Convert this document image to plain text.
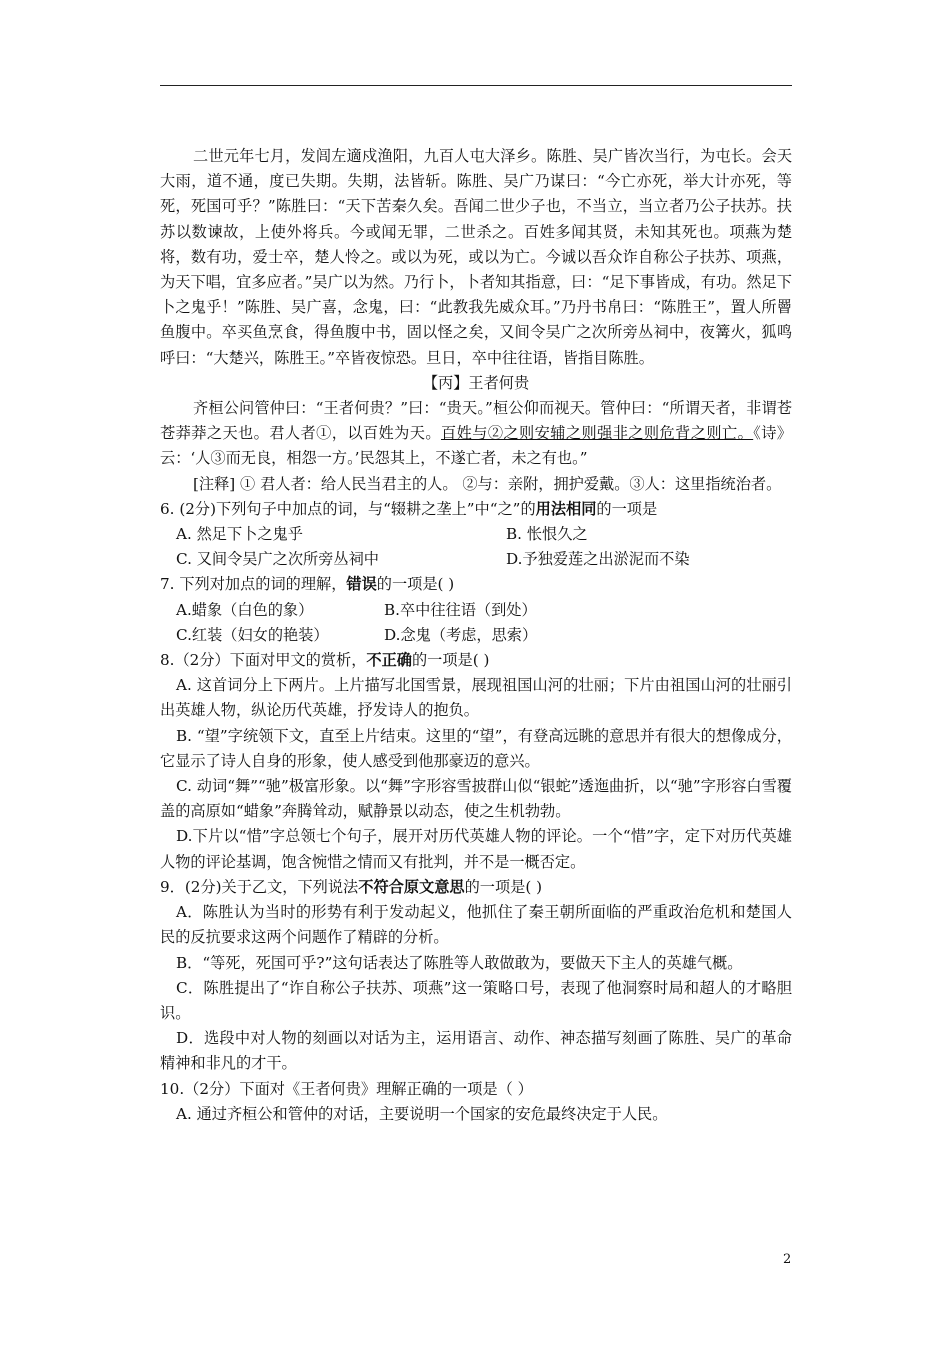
二世元年七月，发闾左適戍渔阳，九百人屯大泽乡。陈胜、吴广皆次当行，为屯长。会天大雨，道不通，度已失期。失期，法皆斩。陈胜、吴广乃谋曰：“今亡亦死，举大计亦死，等死，死国可乎？”陈胜曰：“天下苦秦久矣。吾闻二世少子也，不当立，当立者乃公子扶苏。扶苏以数谏故，上使外将兵。今或闻无罪，二世杀之。百姓多闻其贤，未知其死也。项燕为楚将，数有功，爱士卒，楚人怜之。或以为死，或以为亡。今诚以吾众诈自称公子扶苏、项燕，为天下唱，宜多应者。”吴广以为然。乃行卜，卜者知其指意，曰：“足下事皆成，有功。然足下卜之鬼乎！”陈胜、吴广喜，念鬼，曰：“此教我先威众耳。”乃丹书帛曰：“陈胜王”，置人所罾鱼腹中。卒买鱼烹食，得鱼腹中书，固以怪之矣，又间令吴广之次所旁丛祠中，夜篝火，狐鸣呼曰：“大楚兴，陈胜王。”卒皆夜惊恐。旦日，卒中往往语，皆指目陈胜。

【丙】王者何贵

齐桓公问管仲曰：“王者何贵？”曰：“贵天。”桓公仰而视天。管仲曰：“所谓天者，非谓苍苍莽莽之天也。君人者①，以百姓为天。百姓与②之则安辅之则强非之则危背之则亡。《诗》云：‘人③而无良，相怨一方。’民怨其上，不遂亡者，未之有也。”

[注释] ① 君人者：给人民当君主的人。 ②与：亲附，拥护爱戴。③人：这里指统治者。

6. (2分)下列句子中加点的词，与“辍耕之垄上”中“之”的用法相同的一项是

A. 然足下卜之鬼乎	B. 怅恨久之
C. 又间令吴广之次所旁丛祠中	D.予独爱莲之出淤泥而不染

7. 下列对加点的词的理解，错误的一项是( )

A.蜡象（白色的象）	B.卒中往往语（到处）
C.红装（妇女的艳装）	D.念鬼（考虑，思索）

8.（2分）下面对甲文的赏析，不正确的一项是( )

A. 这首词分上下两片。上片描写北国雪景，展现祖国山河的壮丽；下片由祖国山河的壮丽引出英雄人物，纵论历代英雄，抒发诗人的抱负。

B. “望”字统领下文，直至上片结束。这里的“望”，有登高远眺的意思并有很大的想像成分，它显示了诗人自身的形象，使人感受到他那豪迈的意兴。

C. 动词“舞”“驰”极富形象。以“舞”字形容雪披群山似“银蛇”透迤曲折，以“驰”字形容白雪覆盖的高原如“蜡象”奔腾耸动，赋静景以动态，使之生机勃勃。

D.下片以“惜”字总领七个句子，展开对历代英雄人物的评论。一个“惜”字，定下对历代英雄人物的评论基调，饱含惋惜之情而又有批判，并不是一概否定。

9．(2分)关于乙文，下列说法不符合原文意思的一项是( )

A．陈胜认为当时的形势有利于发动起义，他抓住了秦王朝所面临的严重政治危机和楚国人民的反抗要求这两个问题作了精辟的分析。

B．“等死，死国可乎?”这句话表达了陈胜等人敢做敢为，要做天下主人的英雄气概。

C．陈胜提出了“诈自称公子扶苏、项燕”这一策略口号，表现了他洞察时局和超人的才略胆识。

D．选段中对人物的刻画以对话为主，运用语言、动作、神态描写刻画了陈胜、吴广的革命精神和非凡的才干。

10.（2分）下面对《王者何贵》理解正确的一项是（ ）

A. 通过齐桓公和管仲的对话，主要说明一个国家的安危最终决定于人民。

2
